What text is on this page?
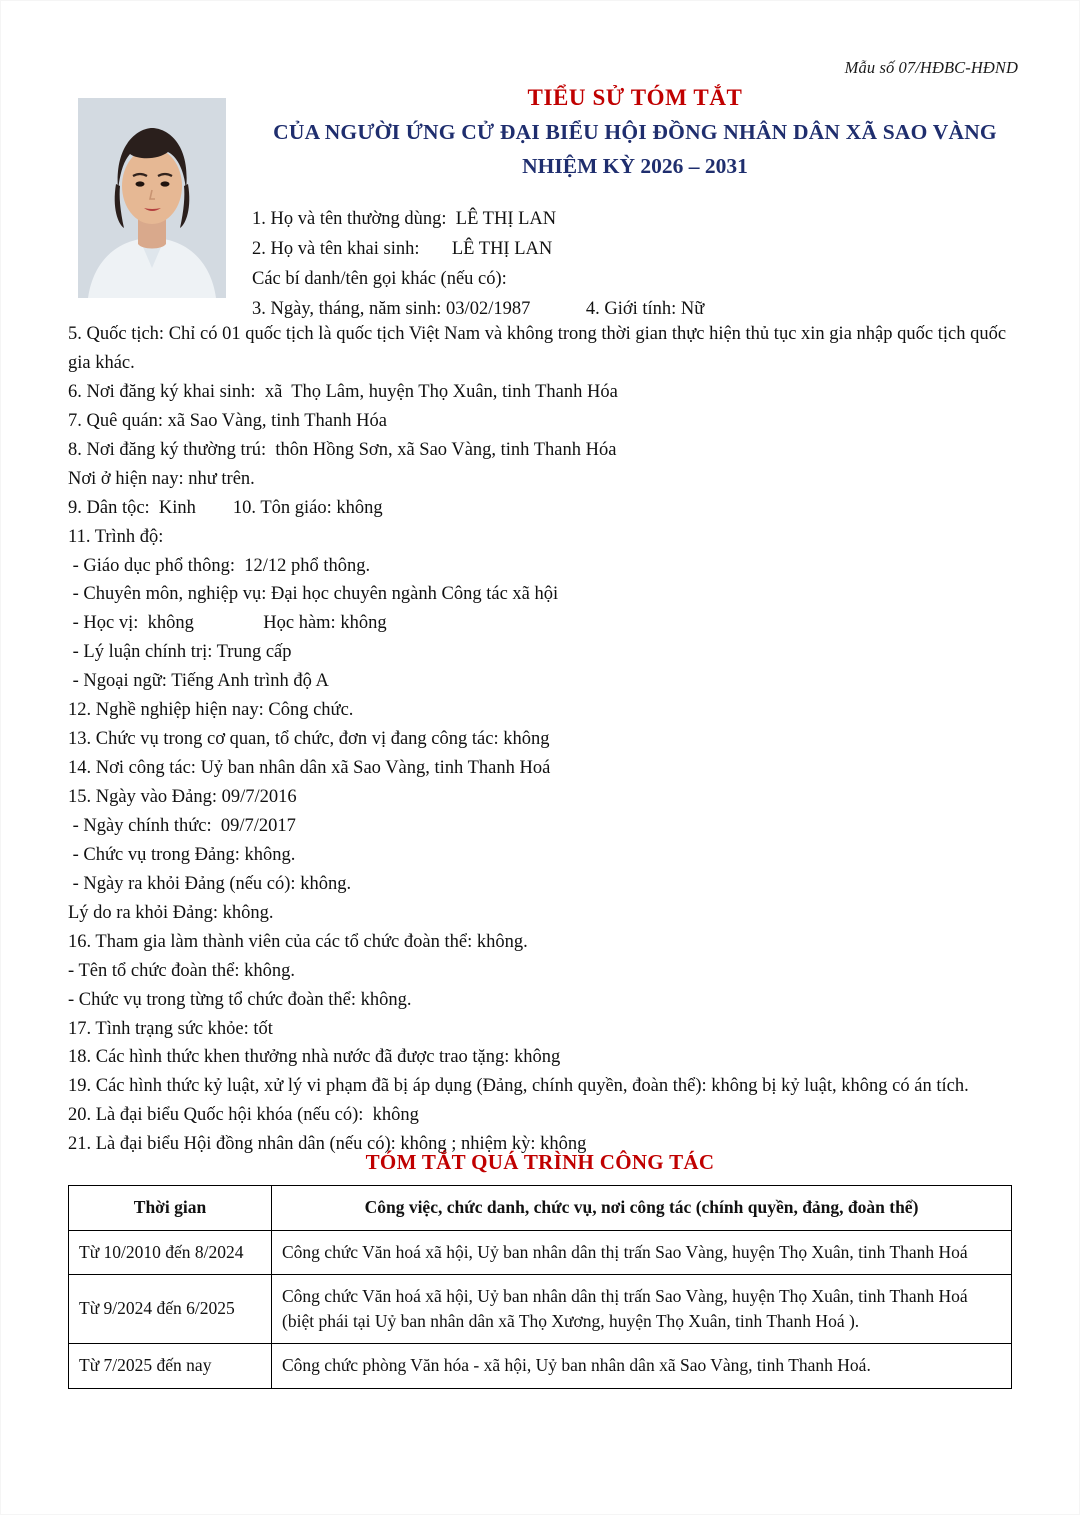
Mẫu số 07/HĐBC-HĐND
TIỂU SỬ TÓM TẮT
CỦA NGƯỜI ỨNG CỬ ĐẠI BIỂU HỘI ĐỒNG NHÂN DÂN XÃ SAO VÀNG
NHIỆM KỲ 2026 – 2031
1. Họ và tên thường dùng:  LÊ THỊ LAN
2. Họ và tên khai sinh:       LÊ THỊ LAN
Các bí danh/tên gọi khác (nếu có):
3. Ngày, tháng, năm sinh: 03/02/1987            4. Giới tính: Nữ
5. Quốc tịch: Chỉ có 01 quốc tịch là quốc tịch Việt Nam và không trong thời gian thực hiện thủ tục xin gia nhập quốc tịch quốc gia khác.
6. Nơi đăng ký khai sinh:  xã  Thọ Lâm, huyện Thọ Xuân, tinh Thanh Hóa
7. Quê quán: xã Sao Vàng, tinh Thanh Hóa
8. Nơi đăng ký thường trú:  thôn Hồng Sơn, xã Sao Vàng, tinh Thanh Hóa
Nơi ở hiện nay: như trên.
9. Dân tộc:  Kinh        10. Tôn giáo: không
11. Trình độ:
- Giáo dục phổ thông:  12/12 phổ thông.
- Chuyên môn, nghiệp vụ: Đại học chuyên ngành Công tác xã hội
- Học vị:  không               Học hàm: không
- Lý luận chính trị: Trung cấp
- Ngoại ngữ: Tiếng Anh trình độ A
12. Nghề nghiệp hiện nay: Công chức.
13. Chức vụ trong cơ quan, tổ chức, đơn vị đang công tác: không
14. Nơi công tác: Uỷ ban nhân dân xã Sao Vàng, tinh Thanh Hoá
15. Ngày vào Đảng: 09/7/2016
- Ngày chính thức:  09/7/2017
- Chức vụ trong Đảng: không.
- Ngày ra khỏi Đảng (nếu có): không.
Lý do ra khỏi Đảng: không.
16. Tham gia làm thành viên của các tổ chức đoàn thể: không.
- Tên tổ chức đoàn thể: không.
- Chức vụ trong từng tổ chức đoàn thể: không.
17. Tình trạng sức khỏe: tốt
18. Các hình thức khen thưởng nhà nước đã được trao tặng: không
19. Các hình thức kỷ luật, xử lý vi phạm đã bị áp dụng (Đảng, chính quyền, đoàn thể): không bị kỷ luật, không có án tích.
20. Là đại biểu Quốc hội khóa (nếu có):  không
21. Là đại biểu Hội đồng nhân dân (nếu có): không ; nhiệm kỳ: không
TÓM TẮT QUÁ TRÌNH CÔNG TÁC
Thời gian	Công việc, chức danh, chức vụ, nơi công tác (chính quyền, đảng, đoàn thể)
Từ 10/2010 đến 8/2024	Công chức Văn hoá xã hội, Uỷ ban nhân dân thị trấn Sao Vàng, huyện Thọ Xuân, tinh Thanh Hoá
Từ 9/2024 đến 6/2025	Công chức Văn hoá xã hội, Uỷ ban nhân dân thị trấn Sao Vàng, huyện Thọ Xuân, tinh Thanh Hoá (biệt phái tại Uỷ ban nhân dân xã Thọ Xương, huyện Thọ Xuân, tinh Thanh Hoá ).
Từ 7/2025 đến nay	Công chức phòng Văn hóa - xã hội, Uỷ ban nhân dân xã Sao Vàng, tinh Thanh Hoá.
